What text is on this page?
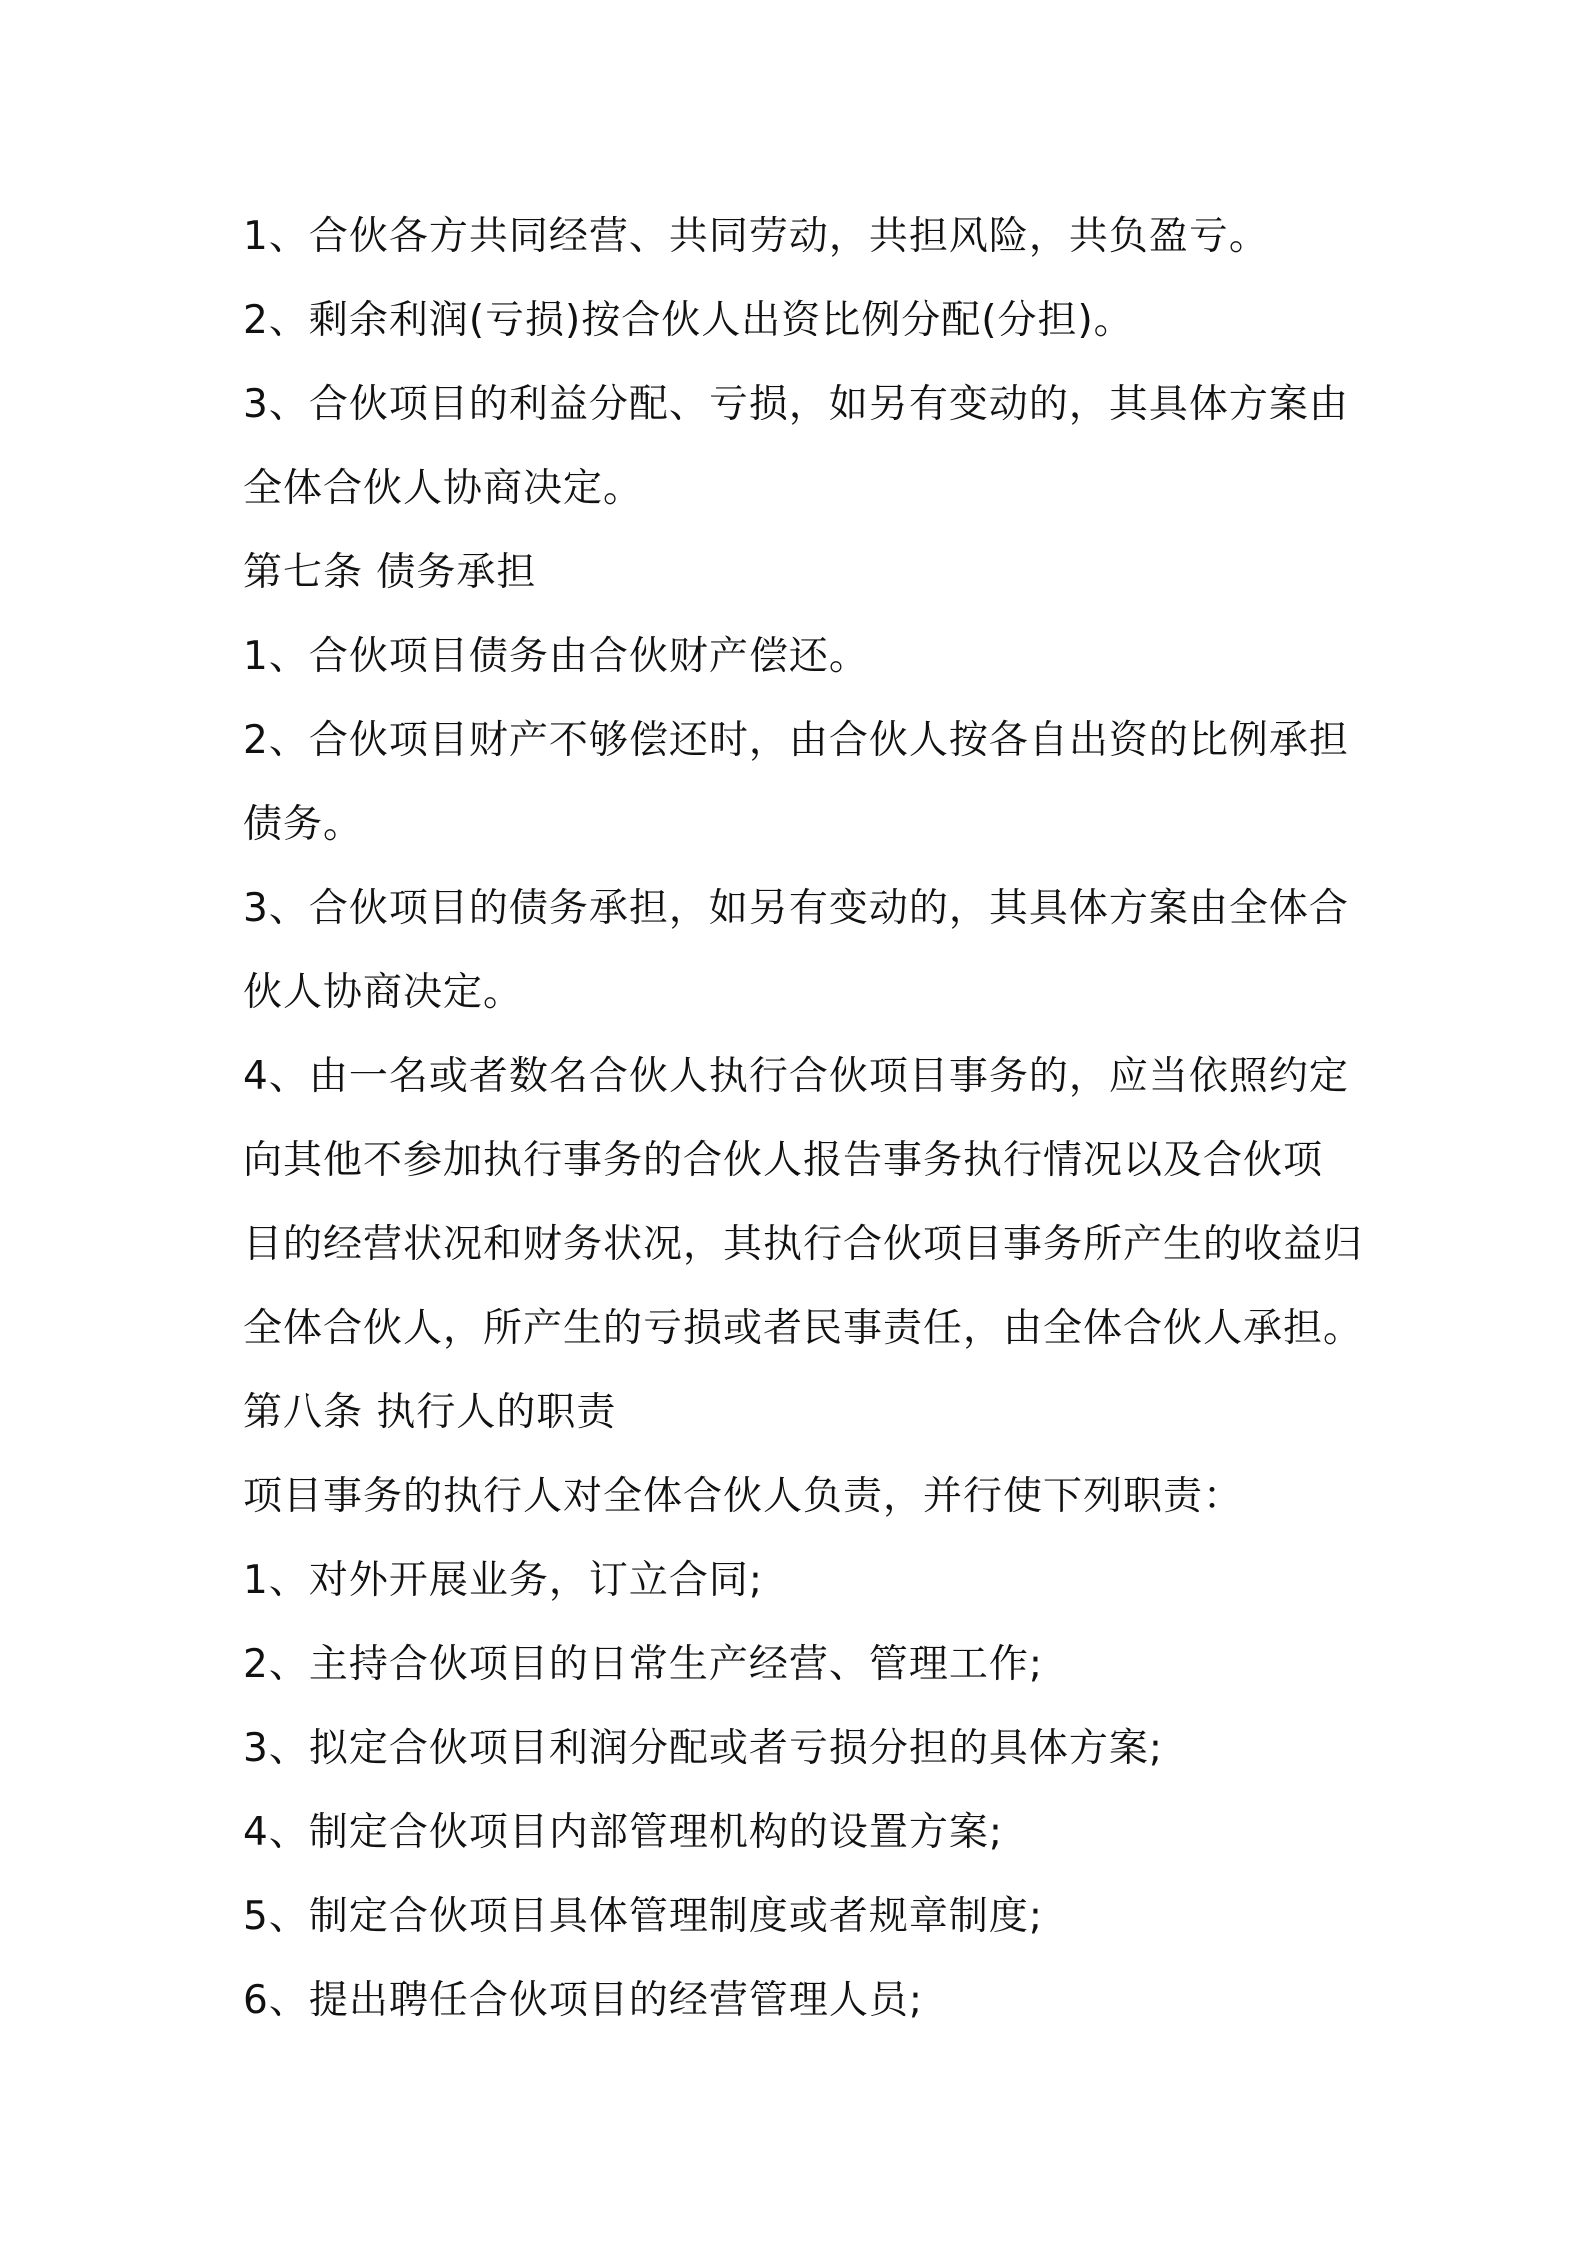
1、合伙各方共同经营、共同劳动，共担风险，共负盈亏。
2、剩余利润(亏损)按合伙人出资比例分配(分担)。
3、合伙项目的利益分配、亏损，如另有变动的，其具体方案由
全体合伙人协商决定。
第七条 债务承担
1、合伙项目债务由合伙财产偿还。
2、合伙项目财产不够偿还时，由合伙人按各自出资的比例承担
债务。
3、合伙项目的债务承担，如另有变动的，其具体方案由全体合
伙人协商决定。
4、由一名或者数名合伙人执行合伙项目事务的，应当依照约定
向其他不参加执行事务的合伙人报告事务执行情况以及合伙项
目的经营状况和财务状况，其执行合伙项目事务所产生的收益归
全体合伙人，所产生的亏损或者民事责任，由全体合伙人承担。
第八条 执行人的职责
项目事务的执行人对全体合伙人负责，并行使下列职责：
1、对外开展业务，订立合同;
2、主持合伙项目的日常生产经营、管理工作;
3、拟定合伙项目利润分配或者亏损分担的具体方案;
4、制定合伙项目内部管理机构的设置方案;
5、制定合伙项目具体管理制度或者规章制度;
6、提出聘任合伙项目的经营管理人员;
